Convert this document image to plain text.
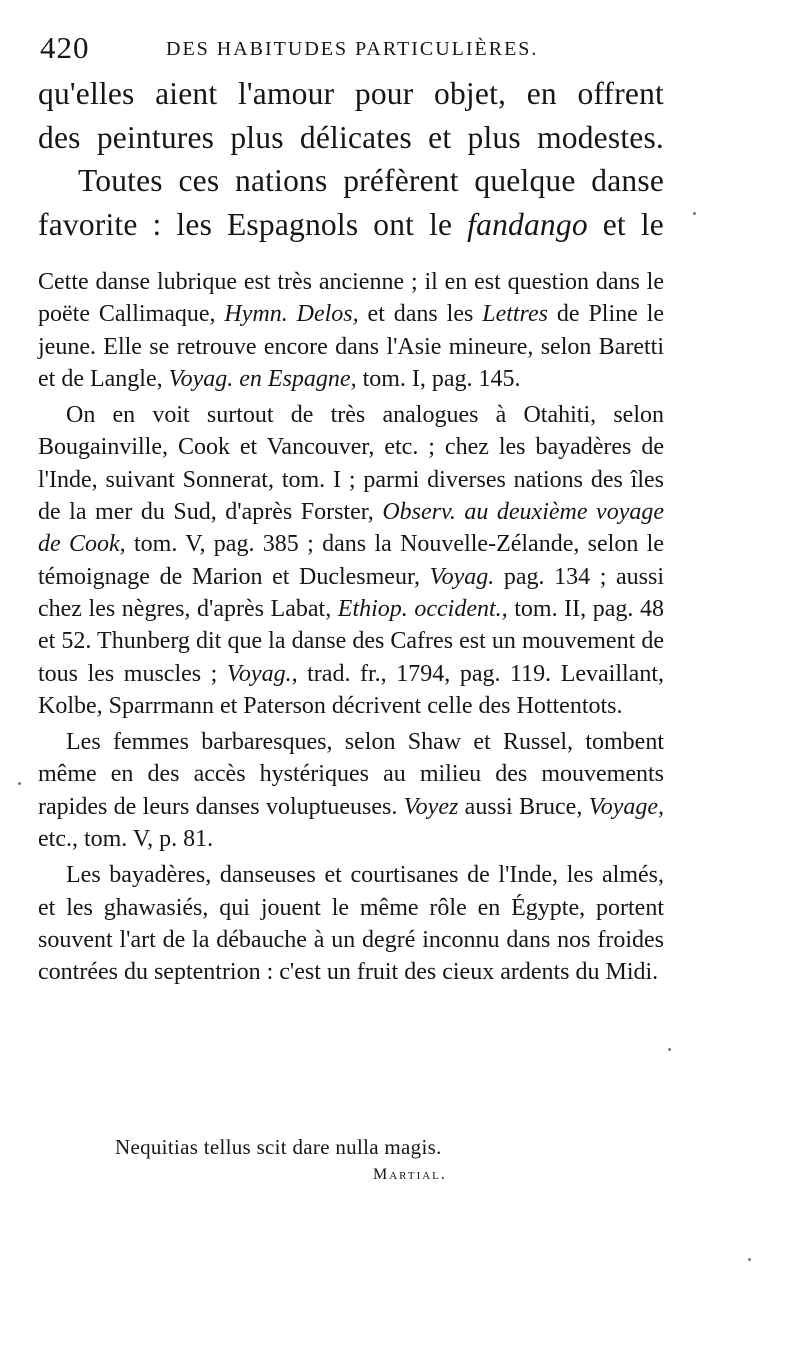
420	DES HABITUDES PARTICULIÈRES.

qu'elles aient l'amour pour objet, en offrent
des peintures plus délicates et plus modestes.

Toutes ces nations préfèrent quelque danse
favorite : les Espagnols ont le fandango et le

Cette danse lubrique est très ancienne ; il en est question dans le poëte Callimaque, Hymn. Delos, et dans les Lettres de Pline le jeune. Elle se retrouve encore dans l'Asie mineure, selon Baretti et de Langle, Voyag. en Espagne, tom. I, pag. 145.

On en voit surtout de très analogues à Otahiti, selon Bougainville, Cook et Vancouver, etc. ; chez les bayadères de l'Inde, suivant Sonnerat, tom. I ; parmi diverses nations des îles de la mer du Sud, d'après Forster, Observ. au deuxième voyage de Cook, tom. V, pag. 385 ; dans la Nouvelle-Zélande, selon le témoignage de Marion et Duclesmeur, Voyag. pag. 134 ; aussi chez les nègres, d'après Labat, Ethiop. occident., tom. II, pag. 48 et 52. Thunberg dit que la danse des Cafres est un mouvement de tous les muscles ; Voyag., trad. fr., 1794, pag. 119. Levaillant, Kolbe, Sparrmann et Paterson décrivent celle des Hottentots.

Les femmes barbaresques, selon Shaw et Russel, tombent même en des accès hystériques au milieu des mouvements rapides de leurs danses voluptueuses. Voyez aussi Bruce, Voyage, etc., tom. V, p. 81.

Les bayadères, danseuses et courtisanes de l'Inde, les almés, et les ghawasiés, qui jouent le même rôle en Égypte, portent souvent l'art de la débauche à un degré inconnu dans nos froides contrées du septentrion : c'est un fruit des cieux ardents du Midi.

Nequitias tellus scit dare nulla magis.
Martial.
